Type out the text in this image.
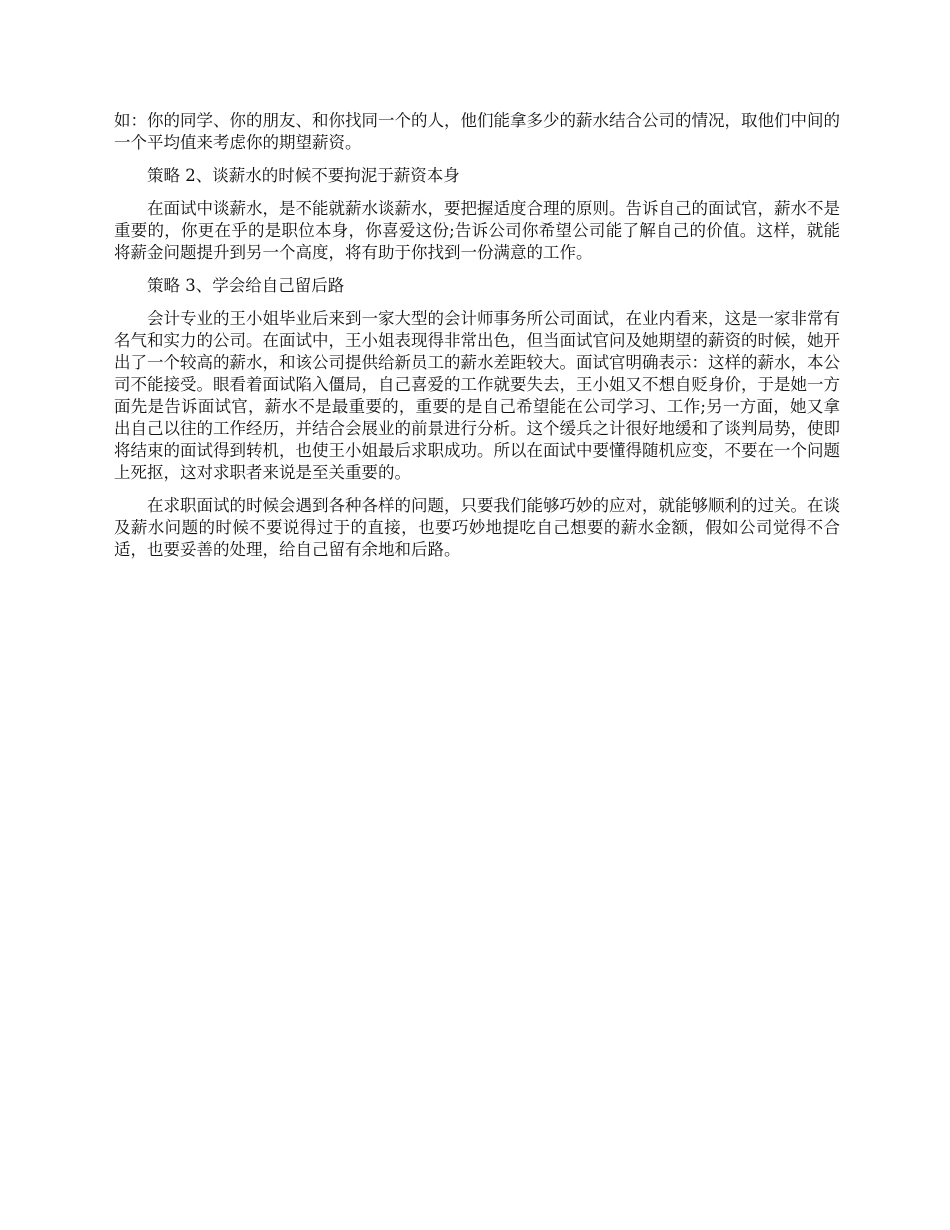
如：你的同学、你的朋友、和你找同一个的人，他们能拿多少的薪水结合公司的情况，取他们中间的一个平均值来考虑你的期望薪资。

策略 2、谈薪水的时候不要拘泥于薪资本身

在面试中谈薪水，是不能就薪水谈薪水，要把握适度合理的原则。告诉自己的面试官，薪水不是重要的，你更在乎的是职位本身，你喜爱这份;告诉公司你希望公司能了解自己的价值。这样，就能将薪金问题提升到另一个高度，将有助于你找到一份满意的工作。

策略 3、学会给自己留后路

会计专业的王小姐毕业后来到一家大型的会计师事务所公司面试，在业内看来，这是一家非常有名气和实力的公司。在面试中，王小姐表现得非常出色，但当面试官问及她期望的薪资的时候，她开出了一个较高的薪水，和该公司提供给新员工的薪水差距较大。面试官明确表示：这样的薪水，本公司不能接受。眼看着面试陷入僵局，自己喜爱的工作就要失去，王小姐又不想自贬身价，于是她一方面先是告诉面试官，薪水不是最重要的，重要的是自己希望能在公司学习、工作;另一方面，她又拿出自己以往的工作经历，并结合会展业的前景进行分析。这个缓兵之计很好地缓和了谈判局势，使即将结束的面试得到转机，也使王小姐最后求职成功。所以在面试中要懂得随机应变，不要在一个问题上死抠，这对求职者来说是至关重要的。

在求职面试的时候会遇到各种各样的问题，只要我们能够巧妙的应对，就能够顺利的过关。在谈及薪水问题的时候不要说得过于的直接，也要巧妙地提吃自己想要的薪水金额，假如公司觉得不合适，也要妥善的处理，给自己留有余地和后路。
